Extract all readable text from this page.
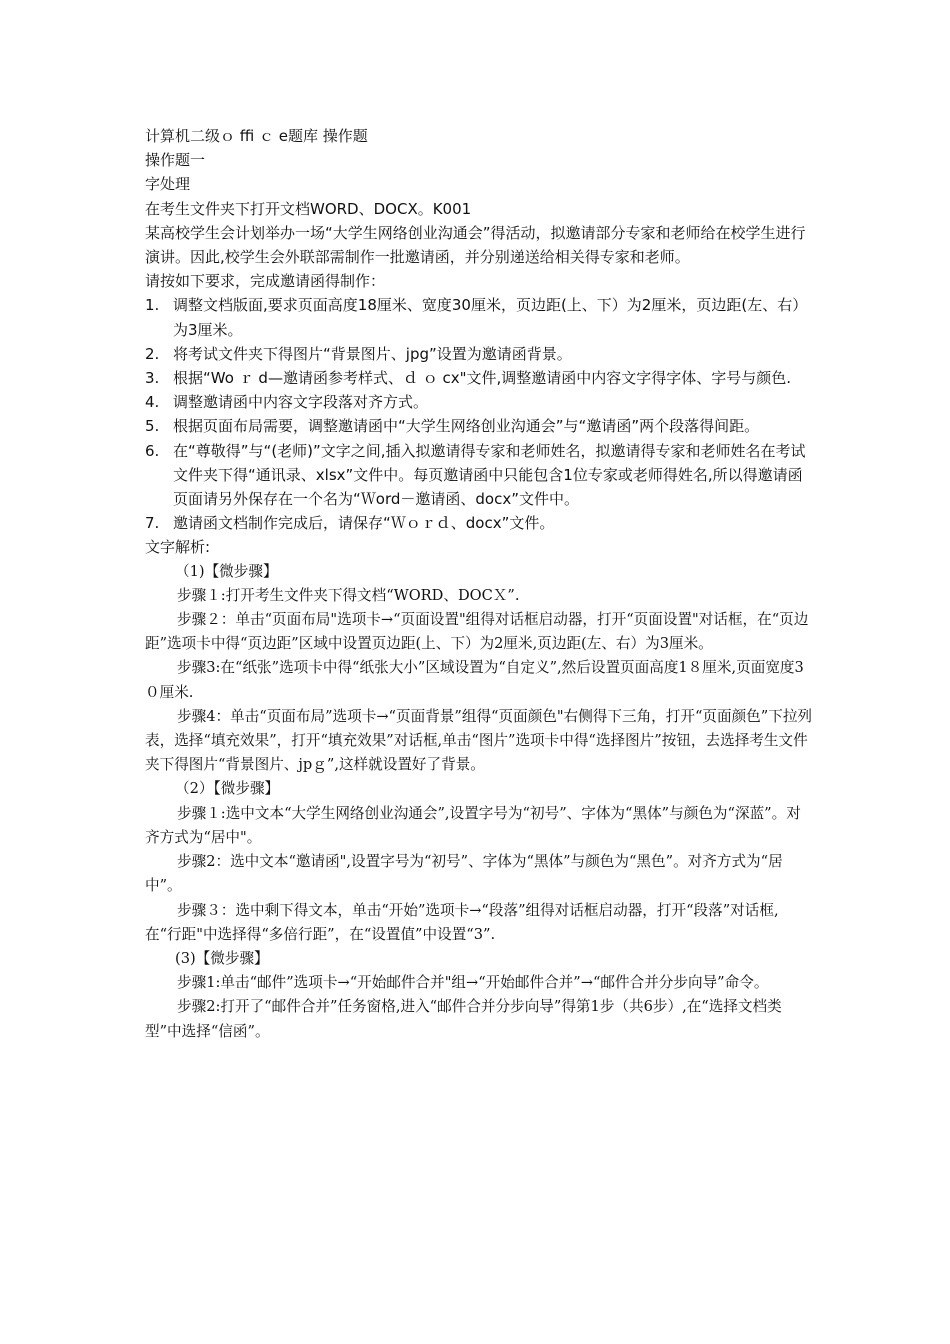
计算机二级ｏ ffi ｃ e题库 操作题
操作题一
字处理
在考生文件夹下打开文档WORD、DOCX。K001
某高校学生会计划举办一场“大学生网络创业沟通会”得活动，拟邀请部分专家和老师给在校学生进行演讲。因此,校学生会外联部需制作一批邀请函，并分别递送给相关得专家和老师。
请按如下要求，完成邀请函得制作：
1. 调整文档版面,要求页面高度18厘米、宽度30厘米，页边距(上、下）为2厘米，页边距(左、右）为3厘米。
2. 将考试文件夹下得图片“背景图片、jpg”设置为邀请函背景。
3. 根据“Wo ｒ d—邀请函参考样式、ｄ ｏ cx"文件,调整邀请函中内容文字得字体、字号与颜色.
4. 调整邀请函中内容文字段落对齐方式。
5. 根据页面布局需要，调整邀请函中“大学生网络创业沟通会”与“邀请函”两个段落得间距。
6. 在“尊敬得”与“(老师)”文字之间,插入拟邀请得专家和老师姓名，拟邀请得专家和老师姓名在考试文件夹下得“通讯录、xlsx”文件中。每页邀请函中只能包含1位专家或老师得姓名,所以得邀请函页面请另外保存在一个名为“Ｗord－邀请函、docx”文件中。
7. 邀请函文档制作完成后，请保存“Ｗｏｒｄ、docx”文件。
文字解析:
（1)【微步骤】
步骤１:打开考生文件夹下得文档“WORD、DOCＸ”.
步骤２：单击“页面布局"选项卡→“页面设置"组得对话框启动器，打开“页面设置"对话框，在“页边距”选项卡中得“页边距”区域中设置页边距(上、下）为2厘米,页边距(左、右）为3厘米。
步骤3:在“纸张”选项卡中得“纸张大小”区域设置为“自定义”,然后设置页面高度1８厘米,页面宽度3０厘米.
步骤4：单击“页面布局”选项卡→“页面背景”组得“页面颜色"右侧得下三角，打开“页面颜色”下拉列表，选择“填充效果”，打开“填充效果”对话框,单击“图片”选项卡中得“选择图片”按钮，去选择考生文件夹下得图片“背景图片、jpｇ”,这样就设置好了背景。
（2）【微步骤】
步骤１:选中文本“大学生网络创业沟通会”,设置字号为“初号”、字体为“黑体”与颜色为“深蓝”。对齐方式为“居中"。
步骤2：选中文本“邀请函",设置字号为“初号”、字体为“黑体”与颜色为“黑色”。对齐方式为“居中”。
步骤３：选中剩下得文本，单击“开始”选项卡→“段落”组得对话框启动器，打开“段落”对话框,在“行距"中选择得“多倍行距”，在“设置值”中设置“3”.
(3)【微步骤】
步骤1:单击“邮件”选项卡→“开始邮件合并"组→“开始邮件合并”→“邮件合并分步向导”命令。
步骤2:打开了“邮件合并”任务窗格,进入“邮件合并分步向导”得第1步（共6步）,在“选择文档类型”中选择“信函”。
